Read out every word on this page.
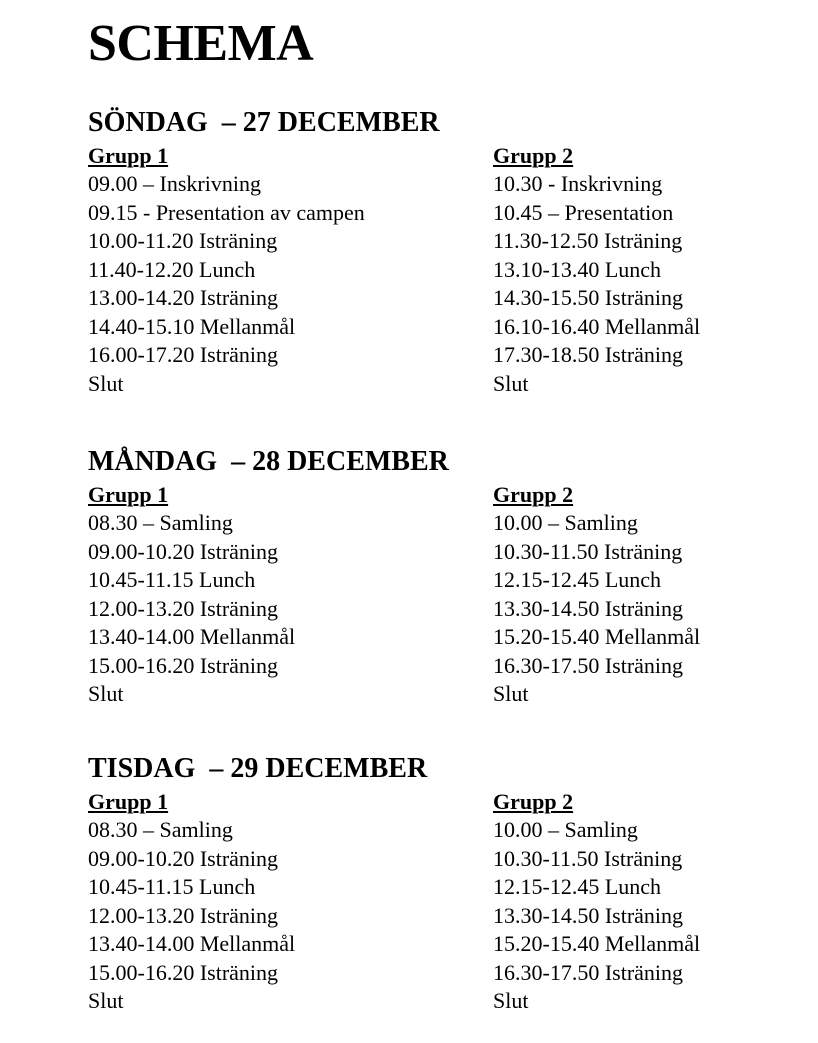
SCHEMA
SÖNDAG  – 27 DECEMBER
Grupp 1
09.00 – Inskrivning
09.15 - Presentation av campen
10.00-11.20 Isträning
11.40-12.20 Lunch
13.00-14.20 Isträning
14.40-15.10 Mellanmål
16.00-17.20 Isträning
Slut
Grupp 2
10.30 - Inskrivning
10.45 – Presentation
11.30-12.50 Isträning
13.10-13.40 Lunch
14.30-15.50 Isträning
16.10-16.40 Mellanmål
17.30-18.50 Isträning
Slut
MÅNDAG  – 28 DECEMBER
Grupp 1
08.30 – Samling
09.00-10.20 Isträning
10.45-11.15 Lunch
12.00-13.20 Isträning
13.40-14.00 Mellanmål
15.00-16.20 Isträning
Slut
Grupp 2
10.00 – Samling
10.30-11.50 Isträning
12.15-12.45 Lunch
13.30-14.50 Isträning
15.20-15.40 Mellanmål
16.30-17.50 Isträning
Slut
TISDAG  – 29 DECEMBER
Grupp 1
08.30 – Samling
09.00-10.20 Isträning
10.45-11.15 Lunch
12.00-13.20 Isträning
13.40-14.00 Mellanmål
15.00-16.20 Isträning
Slut
Grupp 2
10.00 – Samling
10.30-11.50 Isträning
12.15-12.45 Lunch
13.30-14.50 Isträning
15.20-15.40 Mellanmål
16.30-17.50 Isträning
Slut
